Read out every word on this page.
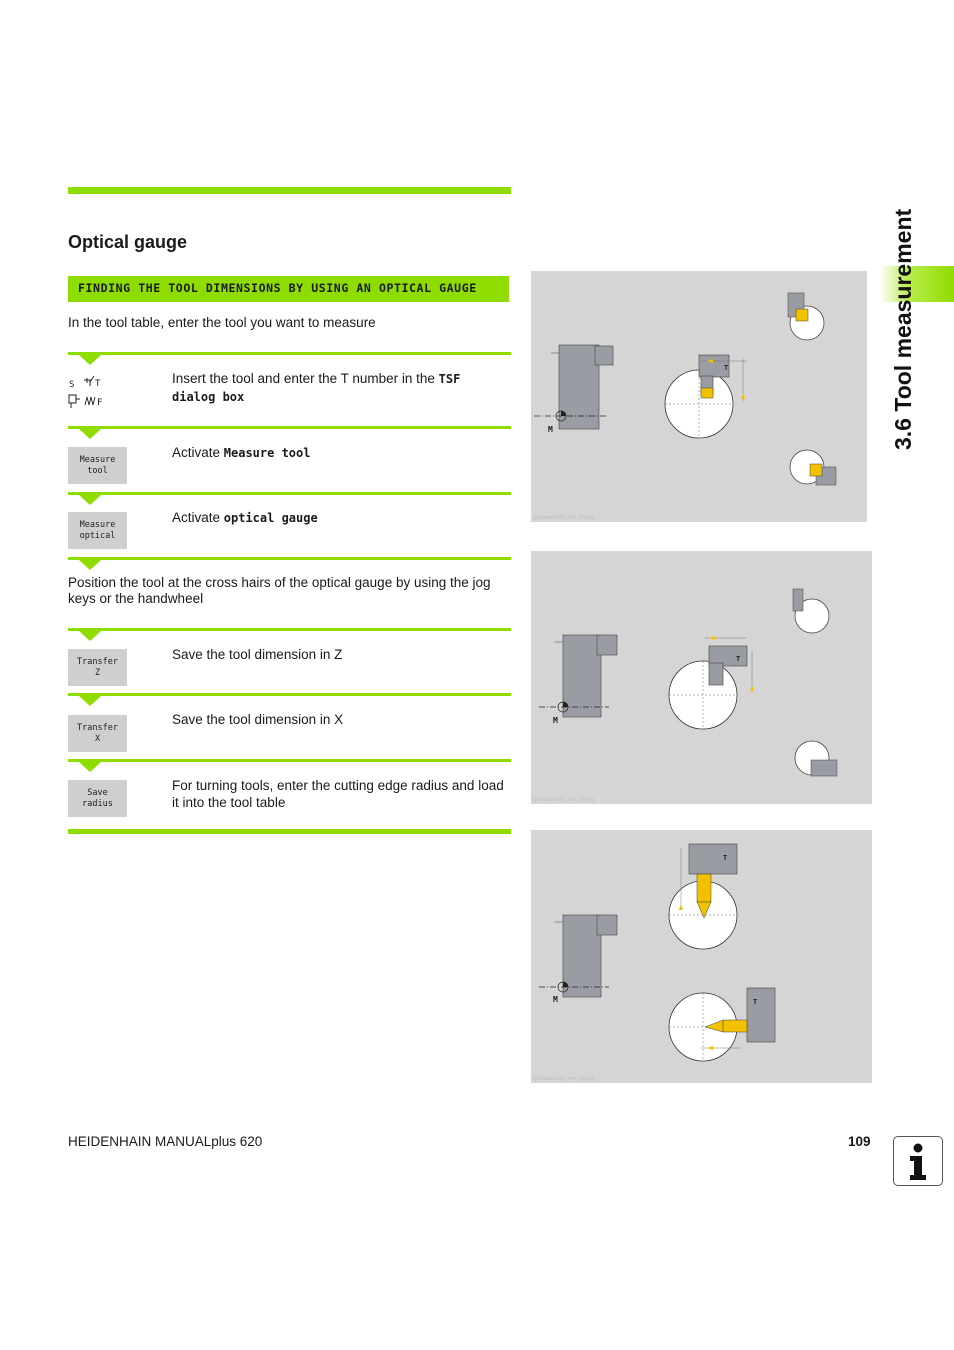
Optical gauge
FINDING THE TOOL DIMENSIONS BY USING AN OPTICAL GAUGE
In the tool table, enter the tool you want to measure
S T
F
Insert the tool and enter the T number in the TSF
dialog box
Measure
tool
Activate Measure tool
Measure
optical
Activate optical gauge
Position the tool at the cross hairs of the optical gauge by using the jog keys or the handwheel
Transfer
Z
Save the tool dimension in Z
Transfer
X
Save the tool dimension in X
Save
radius
For turning tools, enter the cutting edge radius and load it into the tool table
M
T
g/anladen/e20_mnt_01.png
M
T
g/anladen/e20_mnt_02.png
M
T
T
g/anladen/e20_mnt_03.png
3.6 Tool measurement
HEIDENHAIN MANUALplus 620	109
